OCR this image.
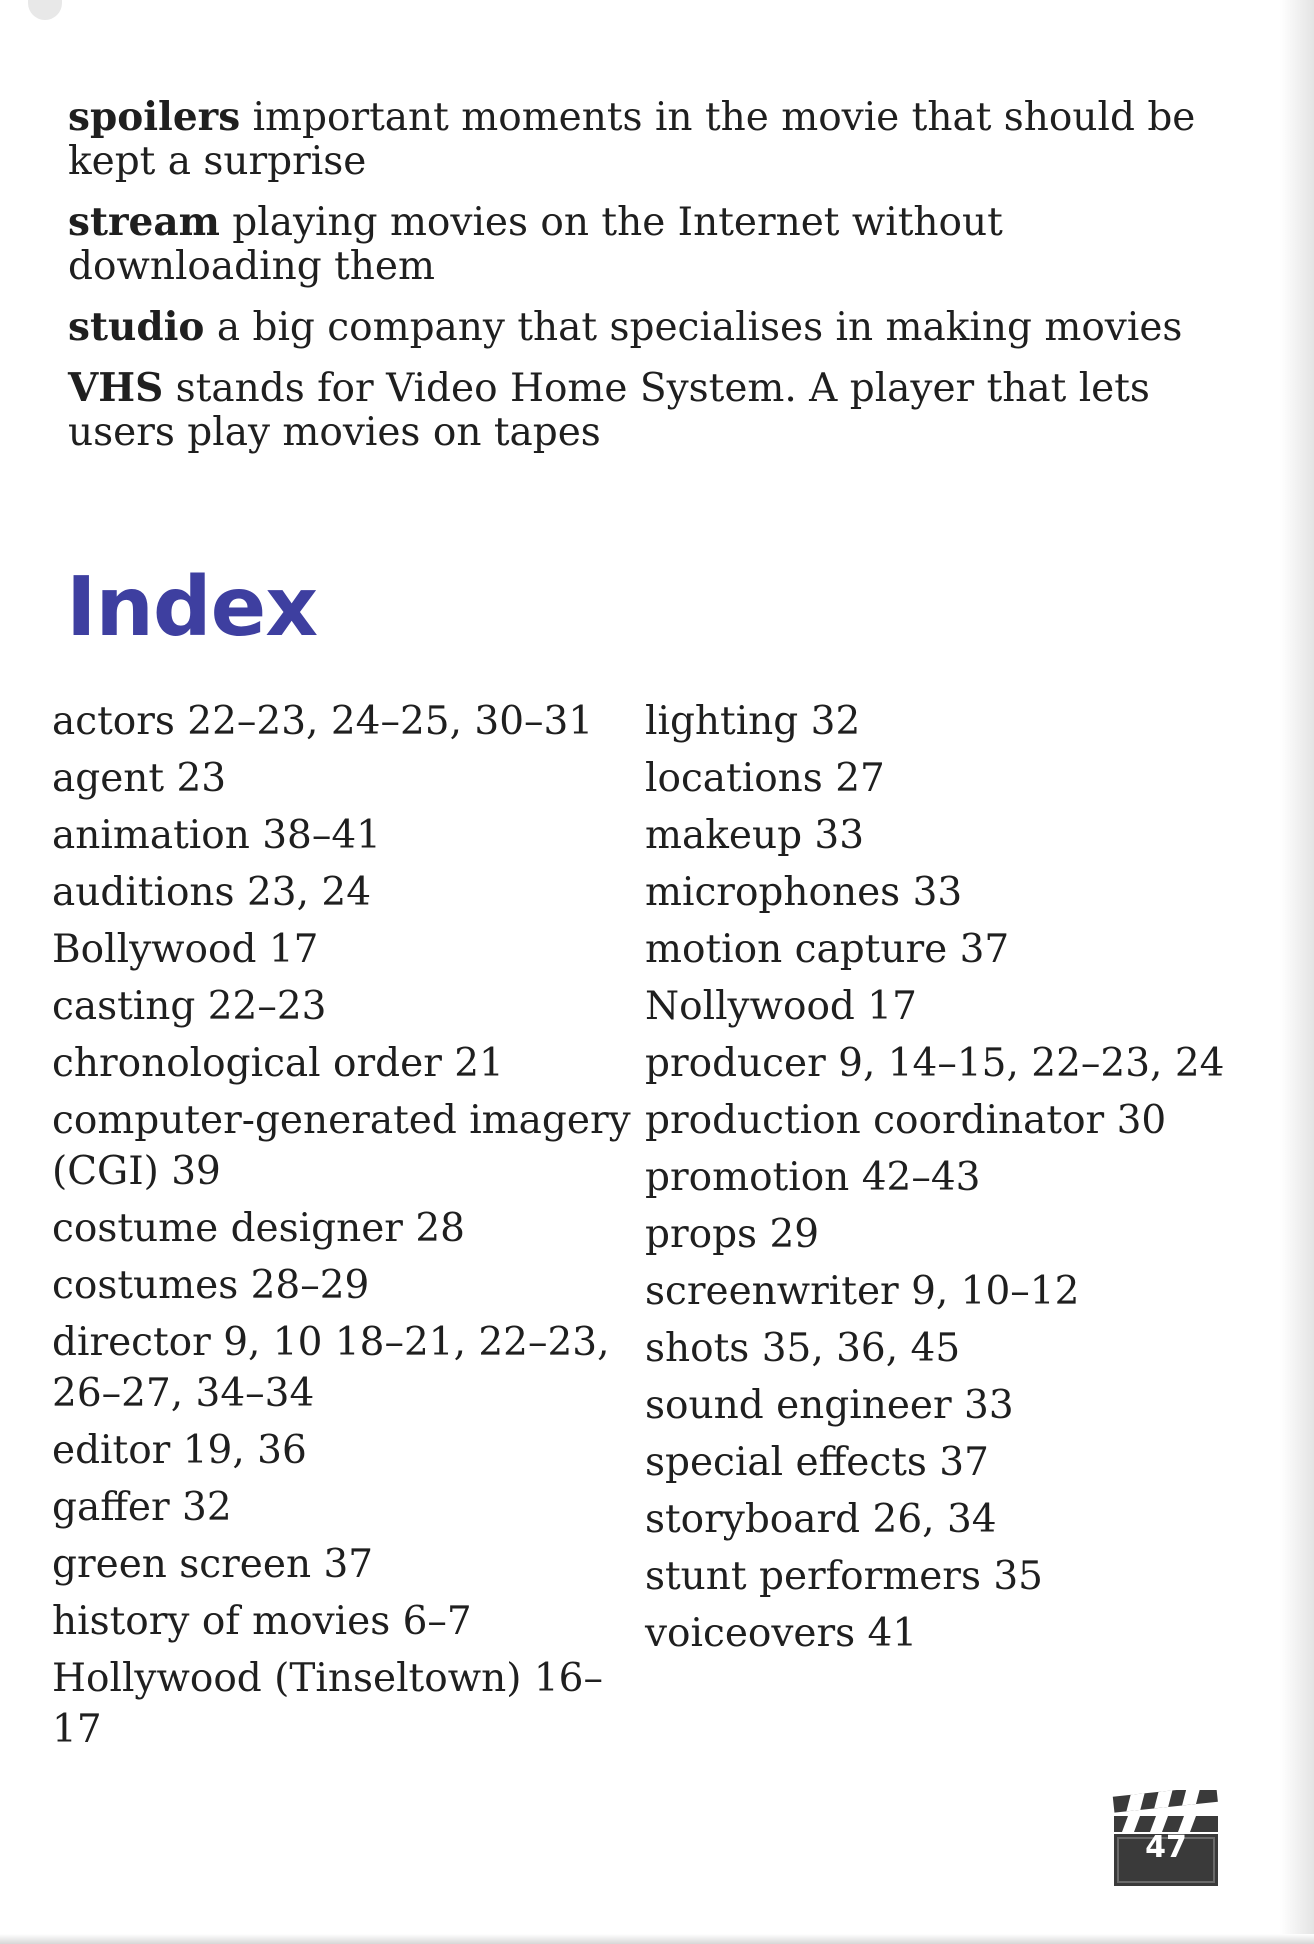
spoilers important moments in the movie that should be kept a surprise
stream playing movies on the Internet without downloading them
studio a big company that specialises in making movies
VHS stands for Video Home System. A player that lets users play movies on tapes
Index
actors 22–23, 24–25, 30–31
agent 23
animation 38–41
auditions 23, 24
Bollywood 17
casting 22–23
chronological order 21
computer-generated imagery (CGI) 39
costume designer 28
costumes 28–29
director 9, 10 18–21, 22–23, 26–27, 34–34
editor 19, 36
gaffer 32
green screen 37
history of movies 6–7
Hollywood (Tinseltown) 16–17
lighting 32
locations 27
makeup 33
microphones 33
motion capture 37
Nollywood 17
producer 9, 14–15, 22–23, 24
production coordinator 30
promotion 42–43
props 29
screenwriter 9, 10–12
shots 35, 36, 45
sound engineer 33
special effects 37
storyboard 26, 34
stunt performers 35
voiceovers 41
47
